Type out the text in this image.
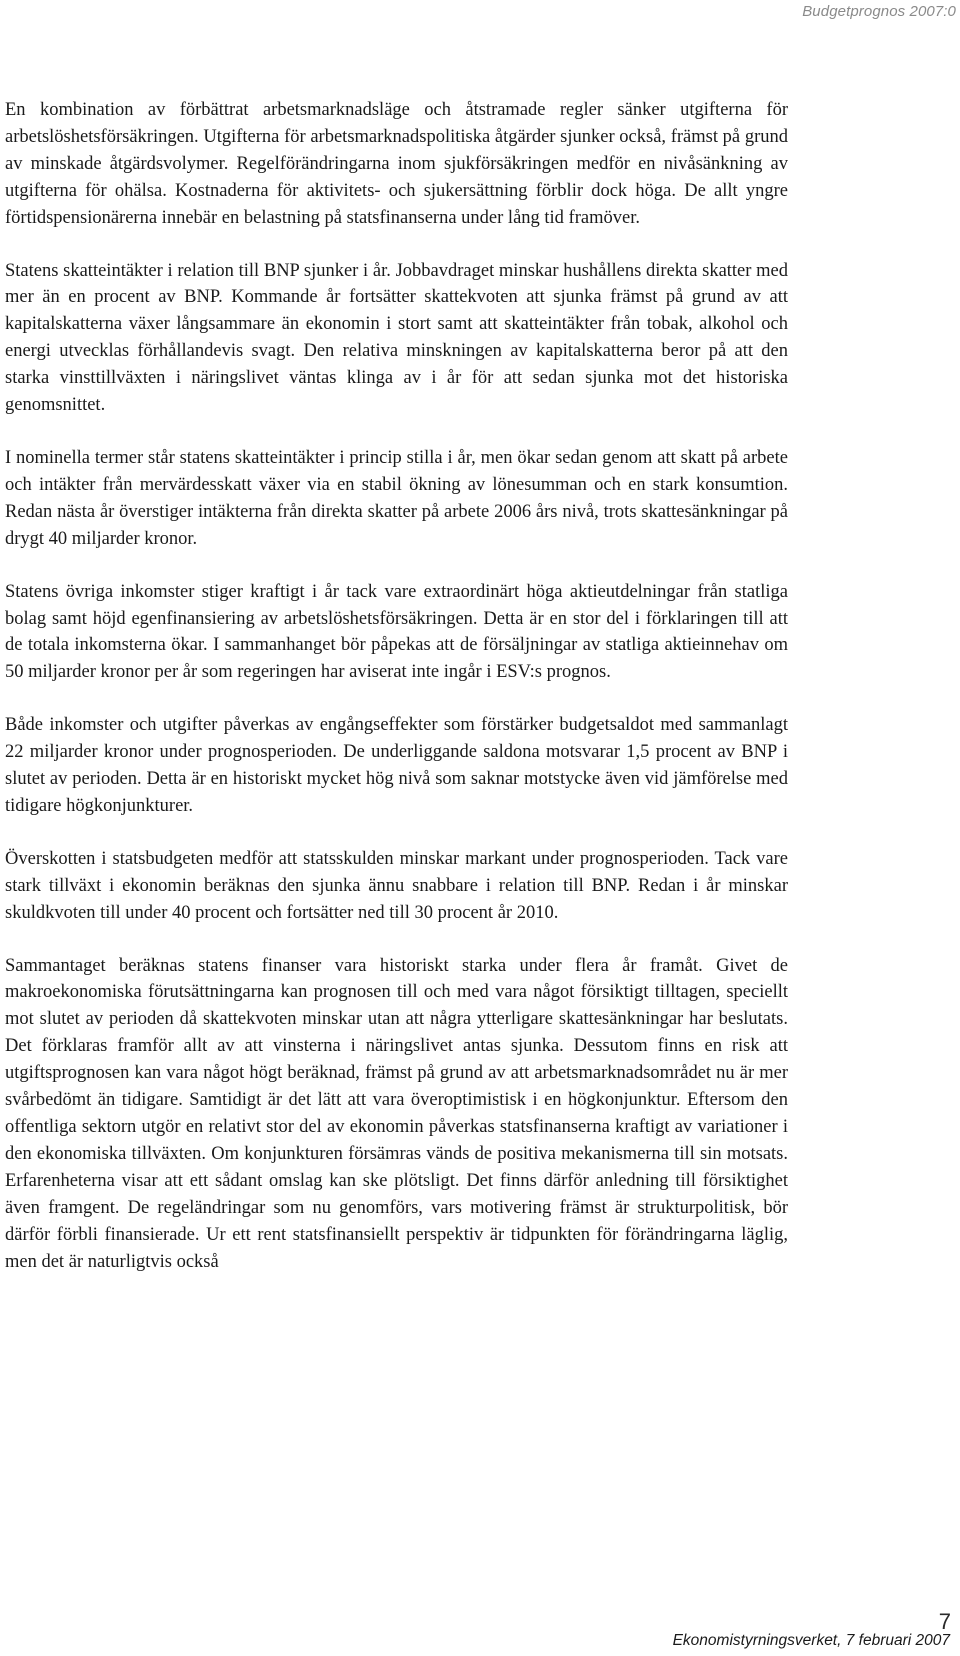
Budgetprognos 2007:0

En kombination av förbättrat arbetsmarknadsläge och åtstramade regler sänker utgifterna för arbetslöshetsförsäkringen. Utgifterna för arbetsmarknadspolitiska åtgärder sjunker också, främst på grund av minskade åtgärdsvolymer. Regelförändringarna inom sjukförsäkringen medför en nivåsänkning av utgifterna för ohälsa. Kostnaderna för aktivitets- och sjukersättning förblir dock höga. De allt yngre förtidspensionärerna innebär en belastning på statsfinanserna under lång tid framöver.

Statens skatteintäkter i relation till BNP sjunker i år. Jobbavdraget minskar hushållens direkta skatter med mer än en procent av BNP. Kommande år fortsätter skattekvoten att sjunka främst på grund av att kapitalskatterna växer långsammare än ekonomin i stort samt att skatteintäkter från tobak, alkohol och energi utvecklas förhållandevis svagt. Den relativa minskningen av kapitalskatterna beror på att den starka vinsttillväxten i näringslivet väntas klinga av i år för att sedan sjunka mot det historiska genomsnittet.

I nominella termer står statens skatteintäkter i princip stilla i år, men ökar sedan genom att skatt på arbete och intäkter från mervärdesskatt växer via en stabil ökning av lönesumman och en stark konsumtion. Redan nästa år överstiger intäkterna från direkta skatter på arbete 2006 års nivå, trots skattesänkningar på drygt 40 miljarder kronor.

Statens övriga inkomster stiger kraftigt i år tack vare extraordinärt höga aktieutdelningar från statliga bolag samt höjd egenfinansiering av arbetslöshetsförsäkringen. Detta är en stor del i förklaringen till att de totala inkomsterna ökar. I sammanhanget bör påpekas att de försäljningar av statliga aktieinnehav om 50 miljarder kronor per år som regeringen har aviserat inte ingår i ESV:s prognos.

Både inkomster och utgifter påverkas av engångseffekter som förstärker budgetsaldot med sammanlagt 22 miljarder kronor under prognosperioden. De underliggande saldona motsvarar 1,5 procent av BNP i slutet av perioden. Detta är en historiskt mycket hög nivå som saknar motstycke även vid jämförelse med tidigare högkonjunkturer.

Överskotten i statsbudgeten medför att statsskulden minskar markant under prognosperioden. Tack vare stark tillväxt i ekonomin beräknas den sjunka ännu snabbare i relation till BNP. Redan i år minskar skuldkvoten till under 40 procent och fortsätter ned till 30 procent år 2010.

Sammantaget beräknas statens finanser vara historiskt starka under flera år framåt. Givet de makroekonomiska förutsättningarna kan prognosen till och med vara något försiktigt tilltagen, speciellt mot slutet av perioden då skattekvoten minskar utan att några ytterligare skattesänkningar har beslutats. Det förklaras framför allt av att vinsterna i näringslivet antas sjunka. Dessutom finns en risk att utgiftsprognosen kan vara något högt beräknad, främst på grund av att arbetsmarknadsområdet nu är mer svårbedömt än tidigare. Samtidigt är det lätt att vara överoptimistisk i en högkonjunktur. Eftersom den offentliga sektorn utgör en relativt stor del av ekonomin påverkas statsfinanserna kraftigt av variationer i den ekonomiska tillväxten. Om konjunkturen försämras vänds de positiva mekanismerna till sin motsats. Erfarenheterna visar att ett sådant omslag kan ske plötsligt. Det finns därför anledning till försiktighet även framgent. De regeländringar som nu genomförs, vars motivering främst är strukturpolitisk, bör därför förbli finansierade. Ur ett rent statsfinansiellt perspektiv är tidpunkten för förändringarna läglig, men det är naturligtvis också

7
Ekonomistyrningsverket, 7 februari 2007
